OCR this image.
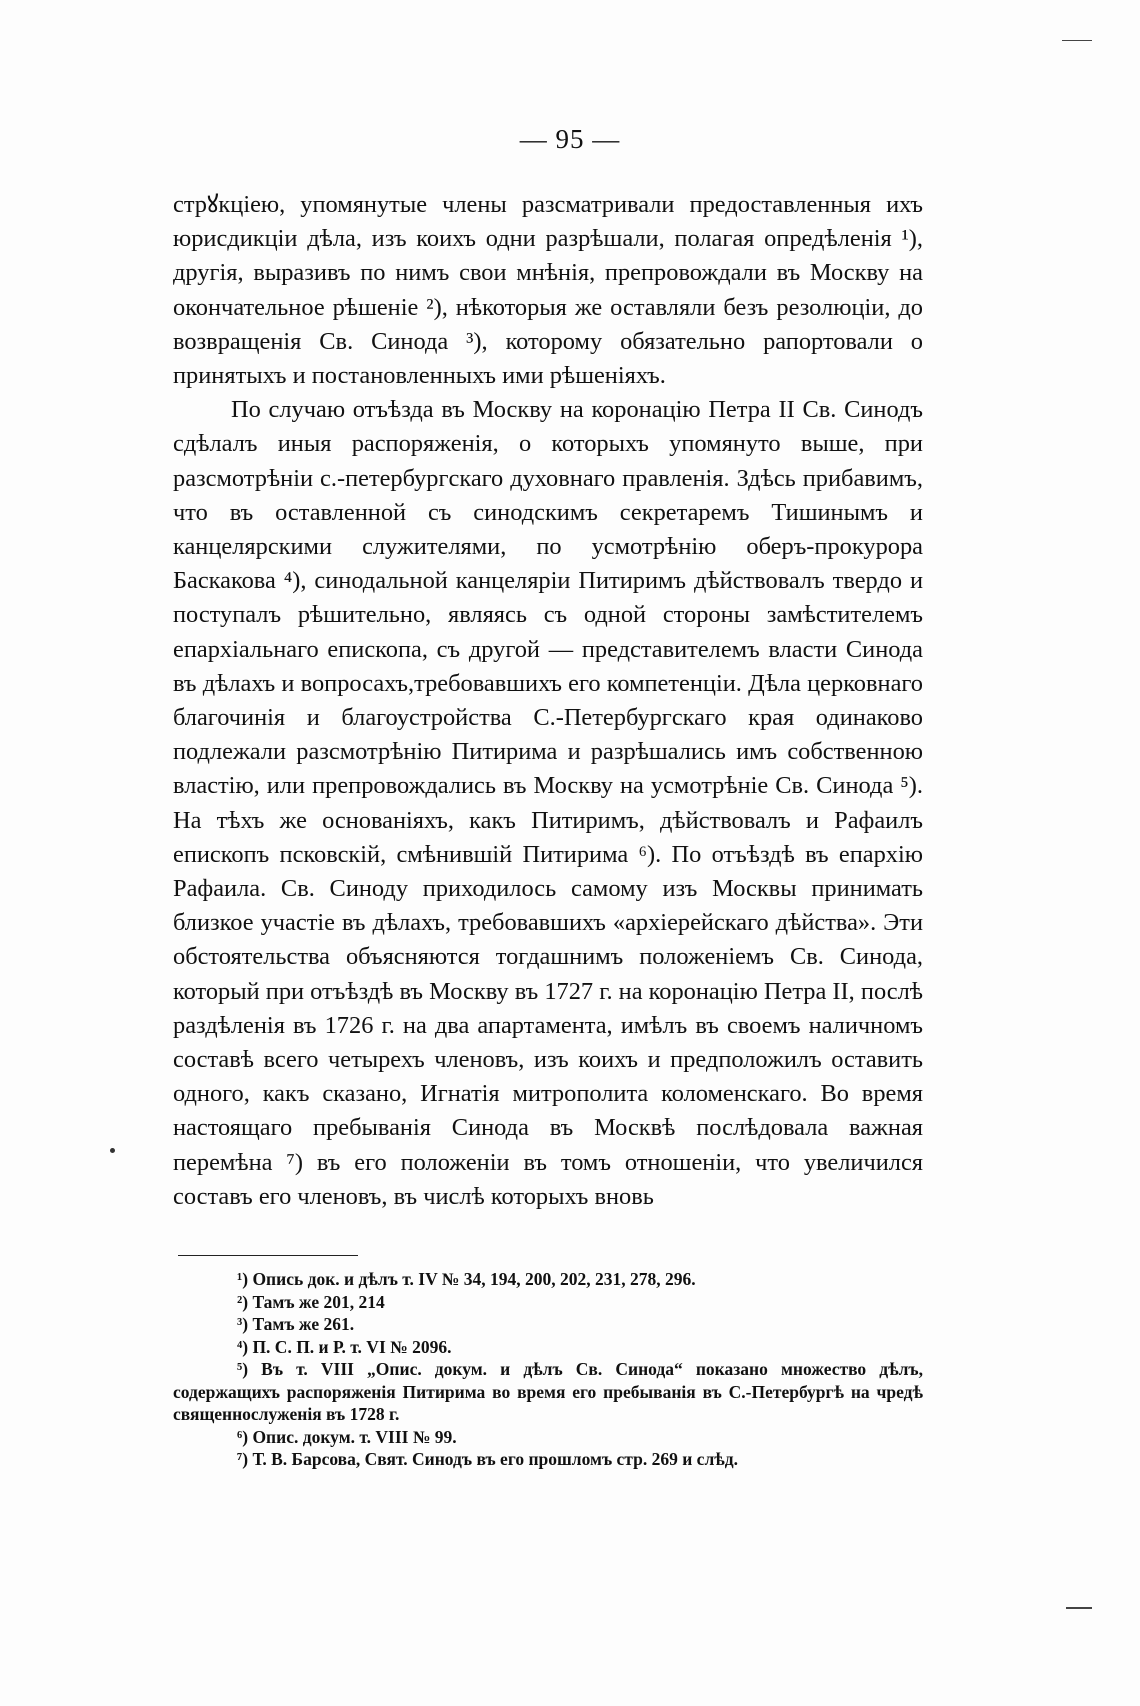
— 95 —

стрꙋкціею, упомянутые члены разсматривали предоставленныя ихъ юрисдикціи дѣла, изъ коихъ одни разрѣшали, полагая опредѣленія ¹), другія, выразивъ по нимъ свои мнѣнія, препровождали въ Москву на окончательное рѣшеніе ²), нѣкоторыя же оставляли безъ резолюціи, до возвращенія Св. Синода ³), которому обязательно рапортовали о принятыхъ и постановленныхъ ими рѣшеніяхъ.

По случаю отъѣзда въ Москву на коронацію Петра II Св. Синодъ сдѣлалъ иныя распоряженія, о которыхъ упомянуто выше, при разсмотрѣніи с.-петербургскаго духовнаго правленія. Здѣсь прибавимъ, что въ оставленной съ синодскимъ секретаремъ Тишинымъ и канцелярскими служителями, по усмотрѣнію оберъ-прокурора Баскакова ⁴), синодальной канцеляріи Питиримъ дѣйствовалъ твердо и поступалъ рѣшительно, являясь съ одной стороны замѣстителемъ епархіальнаго епископа, съ другой — представителемъ власти Синода въ дѣлахъ и вопросахъ,требовавшихъ его компетенціи. Дѣла церковнаго благочинія и благоустройства С.-Петербургскаго края одинаково подлежали разсмотрѣнію Питирима и разрѣшались имъ собственною властію, или препровождались въ Москву на усмотрѣніе Св. Синода ⁵). На тѣхъ же основаніяхъ, какъ Питиримъ, дѣйствовалъ и Рафаилъ епископъ псковскій, смѣнившій Питирима ⁶). По отъѣздѣ въ епархію Рафаила. Св. Синоду приходилось самому изъ Москвы принимать близкое участіе въ дѣлахъ, требовавшихъ «архіерейскаго дѣйства». Эти обстоятельства объясняются тогдашнимъ положеніемъ Св. Синода, который при отъѣздѣ въ Москву въ 1727 г. на коронацію Петра II, послѣ раздѣленія въ 1726 г. на два апартамента, имѣлъ въ своемъ наличномъ составѣ всего четырехъ членовъ, изъ коихъ и предположилъ оставить одного, какъ сказано, Игнатія митрополита коломенскаго. Во время настоящаго пребыванія Синода въ Москвѣ послѣдовала важная перемѣна ⁷) въ его положеніи въ томъ отношеніи, что увеличился составъ его членовъ, въ числѣ которыхъ вновь

¹) Опись док. и дѣлъ т. IV № 34, 194, 200, 202, 231, 278, 296.
²) Тамъ же 201, 214
³) Тамъ же 261.
⁴) П. С. П. и Р. т. VI № 2096.
⁵) Въ т. VIII „Опис. докум. и дѣлъ Св. Синода“ показано множество дѣлъ, содержащихъ распоряженія Питирима во время его пребыванія въ С.-Петербургѣ на чредѣ священнослуженія въ 1728 г.
⁶) Опис. докум. т. VIII № 99.
⁷) Т. В. Барсова, Свят. Синодъ въ его прошломъ стр. 269 и слѣд.
